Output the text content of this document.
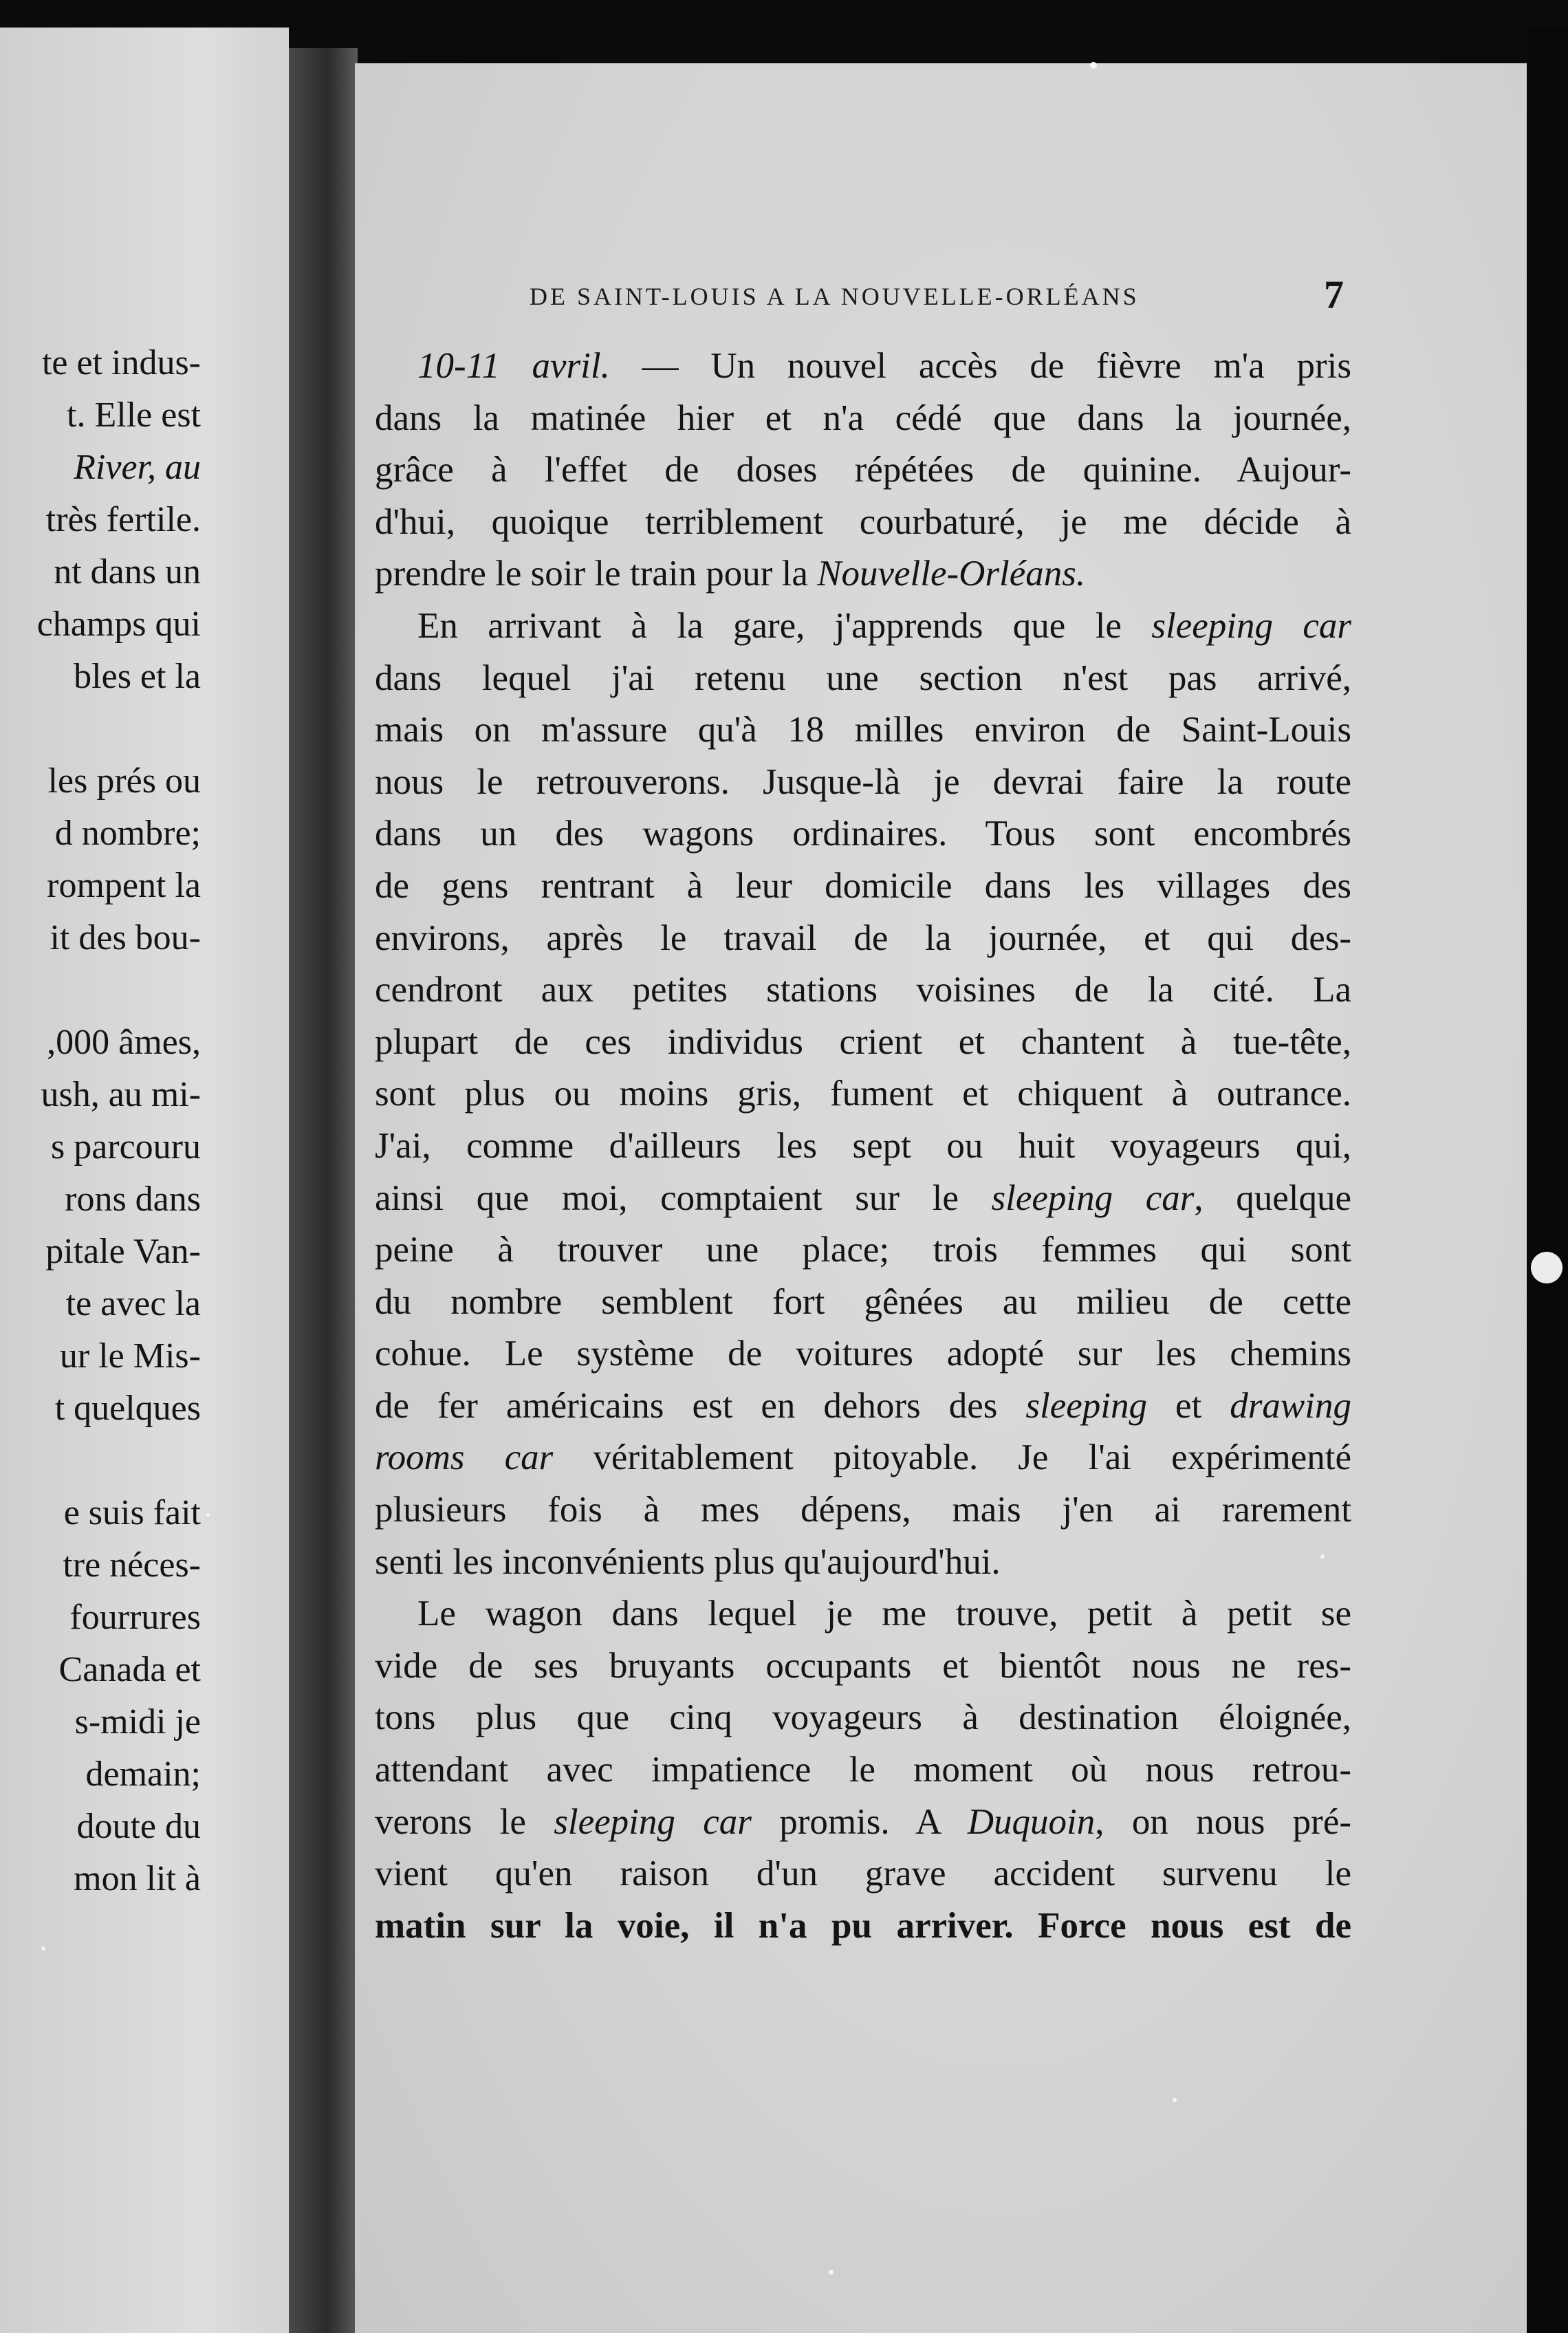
te et indus-
t. Elle est
River, au
très fertile.
nt dans un
champs qui
bles et la
les prés ou
d nombre;
rompent la
it des bou-
,000 âmes,
ush, au mi-
s parcouru
rons dans
pitale Van-
te avec la
ur le Mis-
t quelques
e suis fait
tre néces-
fourrures
Canada et
s-midi je
demain;
doute du
mon lit à
DE SAINT-LOUIS A LA NOUVELLE-ORLÉANS	7
10-11 avril. — Un nouvel accès de fièvre m'a pris
dans la matinée hier et n'a cédé que dans la journée,
grâce à l'effet de doses répétées de quinine. Aujour-
d'hui, quoique terriblement courbaturé, je me décide à
prendre le soir le train pour la Nouvelle-Orléans.
En arrivant à la gare, j'apprends que le sleeping car
dans lequel j'ai retenu une section n'est pas arrivé,
mais on m'assure qu'à 18 milles environ de Saint-Louis
nous le retrouverons. Jusque-là je devrai faire la route
dans un des wagons ordinaires. Tous sont encombrés
de gens rentrant à leur domicile dans les villages des
environs, après le travail de la journée, et qui des-
cendront aux petites stations voisines de la cité. La
plupart de ces individus crient et chantent à tue-tête,
sont plus ou moins gris, fument et chiquent à outrance.
J'ai, comme d'ailleurs les sept ou huit voyageurs qui,
ainsi que moi, comptaient sur le sleeping car, quelque
peine à trouver une place; trois femmes qui sont
du nombre semblent fort gênées au milieu de cette
cohue. Le système de voitures adopté sur les chemins
de fer américains est en dehors des sleeping et drawing
rooms car véritablement pitoyable. Je l'ai expérimenté
plusieurs fois à mes dépens, mais j'en ai rarement
senti les inconvénients plus qu'aujourd'hui.
Le wagon dans lequel je me trouve, petit à petit se
vide de ses bruyants occupants et bientôt nous ne res-
tons plus que cinq voyageurs à destination éloignée,
attendant avec impatience le moment où nous retrou-
verons le sleeping car promis. A Duquoin, on nous pré-
vient qu'en raison d'un grave accident survenu le
matin sur la voie, il n'a pu arriver. Force nous est de
